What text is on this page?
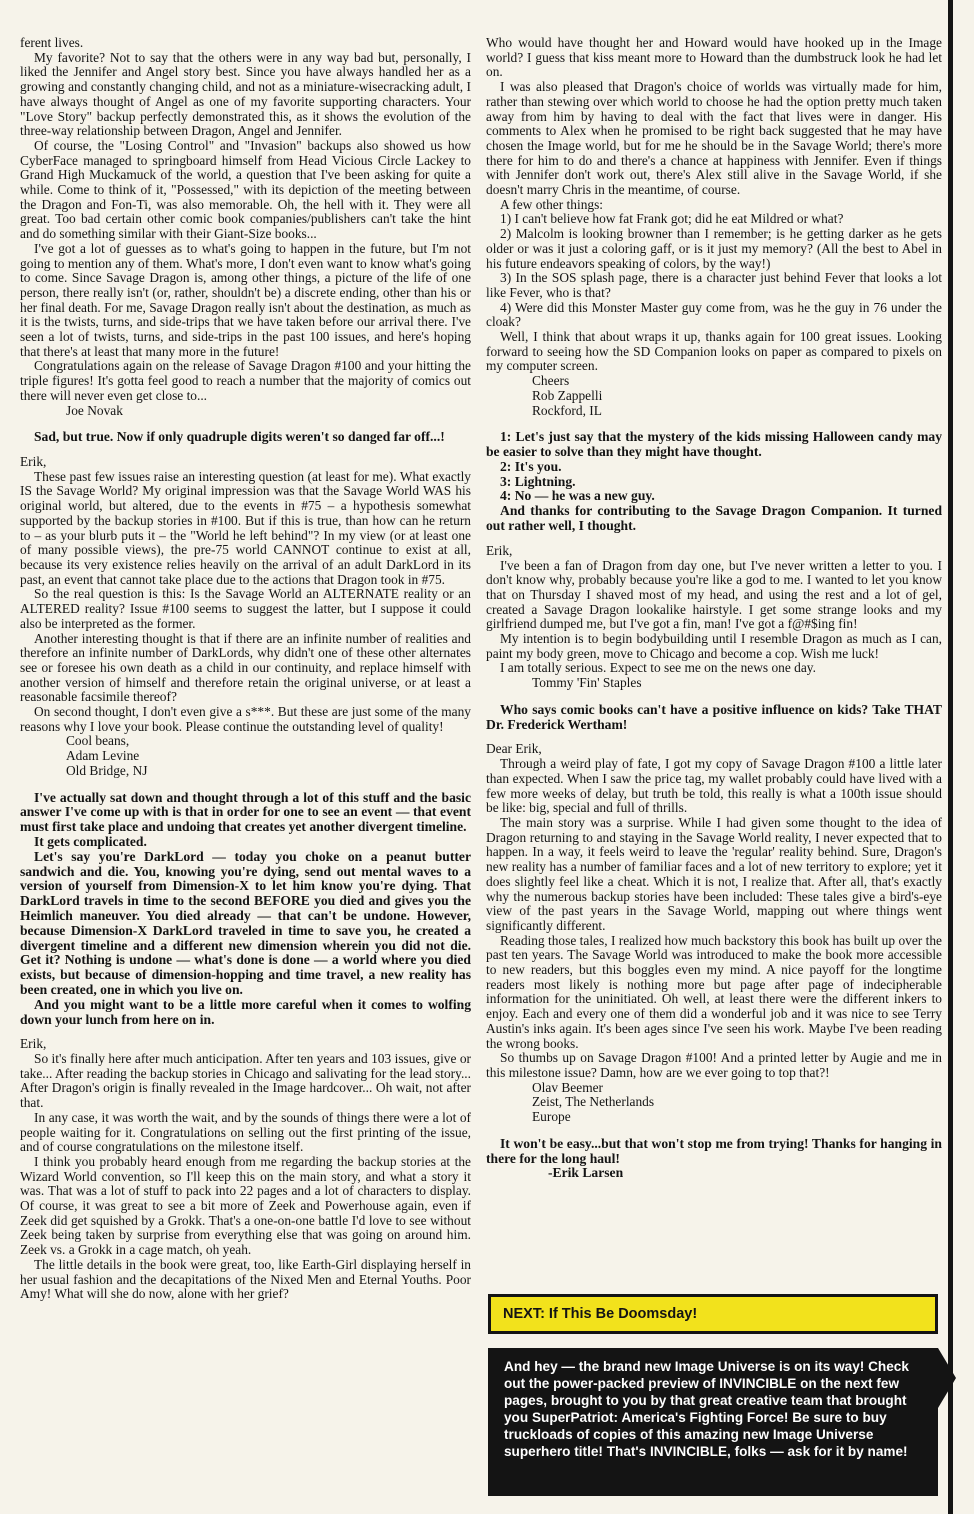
ferent lives.

My favorite? Not to say that the others were in any way bad but, personally, I liked the Jennifer and Angel story best. Since you have always handled her as a growing and constantly changing child, and not as a miniature-wisecracking adult, I have always thought of Angel as one of my favorite supporting characters. Your "Love Story" backup perfectly demonstrated this, as it shows the evolution of the three-way relationship between Dragon, Angel and Jennifer.

Of course, the "Losing Control" and "Invasion" backups also showed us how CyberFace managed to springboard himself from Head Vicious Circle Lackey to Grand High Muckamuck of the world, a question that I've been asking for quite a while. Come to think of it, "Possessed," with its depiction of the meeting between the Dragon and Fon-Ti, was also memorable. Oh, the hell with it. They were all great. Too bad certain other comic book companies/publishers can't take the hint and do something similar with their Giant-Size books...

I've got a lot of guesses as to what's going to happen in the future, but I'm not going to mention any of them. What's more, I don't even want to know what's going to come. Since Savage Dragon is, among other things, a picture of the life of one person, there really isn't (or, rather, shouldn't be) a discrete ending, other than his or her final death. For me, Savage Dragon really isn't about the destination, as much as it is the twists, turns, and side-trips that we have taken before our arrival there. I've seen a lot of twists, turns, and side-trips in the past 100 issues, and here's hoping that there's at least that many more in the future!

Congratulations again on the release of Savage Dragon #100 and your hitting the triple figures! It's gotta feel good to reach a number that the majority of comics out there will never even get close to...

Joe Novak

Sad, but true. Now if only quadruple digits weren't so danged far off...!

Erik,

These past few issues raise an interesting question (at least for me). What exactly IS the Savage World? My original impression was that the Savage World WAS his original world, but altered, due to the events in #75 – a hypothesis somewhat supported by the backup stories in #100. But if this is true, than how can he return to – as your blurb puts it – the "World he left behind"? In my view (or at least one of many possible views), the pre-75 world CANNOT continue to exist at all, because its very existence relies heavily on the arrival of an adult DarkLord in its past, an event that cannot take place due to the actions that Dragon took in #75.

So the real question is this: Is the Savage World an ALTERNATE reality or an ALTERED reality? Issue #100 seems to suggest the latter, but I suppose it could also be interpreted as the former.

Another interesting thought is that if there are an infinite number of realities and therefore an infinite number of DarkLords, why didn't one of these other alternates see or foresee his own death as a child in our continuity, and replace himself with another version of himself and therefore retain the original universe, or at least a reasonable facsimile thereof?

On second thought, I don't even give a s***. But these are just some of the many reasons why I love your book. Please continue the outstanding level of quality!

Cool beans,

Adam Levine

Old Bridge, NJ

I've actually sat down and thought through a lot of this stuff and the basic answer I've come up with is that in order for one to see an event — that event must first take place and undoing that creates yet another divergent timeline.

It gets complicated.

Let's say you're DarkLord — today you choke on a peanut butter sandwich and die. You, knowing you're dying, send out mental waves to a version of yourself from Dimension-X to let him know you're dying. That DarkLord travels in time to the second BEFORE you died and gives you the Heimlich maneuver. You died already — that can't be undone. However, because Dimension-X DarkLord traveled in time to save you, he created a divergent timeline and a different new dimension wherein you did not die. Get it? Nothing is undone — what's done is done — a world where you died exists, but because of dimension-hopping and time travel, a new reality has been created, one in which you live on.

And you might want to be a little more careful when it comes to wolfing down your lunch from here on in.

Erik,

So it's finally here after much anticipation. After ten years and 103 issues, give or take... After reading the backup stories in Chicago and salivating for the lead story... After Dragon's origin is finally revealed in the Image hardcover... Oh wait, not after that.

In any case, it was worth the wait, and by the sounds of things there were a lot of people waiting for it. Congratulations on selling out the first printing of the issue, and of course congratulations on the milestone itself.

I think you probably heard enough from me regarding the backup stories at the Wizard World convention, so I'll keep this on the main story, and what a story it was. That was a lot of stuff to pack into 22 pages and a lot of characters to display. Of course, it was great to see a bit more of Zeek and Powerhouse again, even if Zeek did get squished by a Grokk. That's a one-on-one battle I'd love to see without Zeek being taken by surprise from everything else that was going on around him. Zeek vs. a Grokk in a cage match, oh yeah.

The little details in the book were great, too, like Earth-Girl displaying herself in her usual fashion and the decapitations of the Nixed Men and Eternal Youths. Poor Amy! What will she do now, alone with her grief?

Who would have thought her and Howard would have hooked up in the Image world? I guess that kiss meant more to Howard than the dumbstruck look he had let on.

I was also pleased that Dragon's choice of worlds was virtually made for him, rather than stewing over which world to choose he had the option pretty much taken away from him by having to deal with the fact that lives were in danger. His comments to Alex when he promised to be right back suggested that he may have chosen the Image world, but for me he should be in the Savage World; there's more there for him to do and there's a chance at happiness with Jennifer. Even if things with Jennifer don't work out, there's Alex still alive in the Savage World, if she doesn't marry Chris in the meantime, of course.

A few other things:

1) I can't believe how fat Frank got; did he eat Mildred or what?

2) Malcolm is looking browner than I remember; is he getting darker as he gets older or was it just a coloring gaff, or is it just my memory? (All the best to Abel in his future endeavors speaking of colors, by the way!)

3) In the SOS splash page, there is a character just behind Fever that looks a lot like Fever, who is that?

4) Were did this Monster Master guy come from, was he the guy in 76 under the cloak?

Well, I think that about wraps it up, thanks again for 100 great issues. Looking forward to seeing how the SD Companion looks on paper as compared to pixels on my computer screen.

Cheers

Rob Zappelli

Rockford, IL

1: Let's just say that the mystery of the kids missing Halloween candy may be easier to solve than they might have thought.

2: It's you.

3: Lightning.

4: No — he was a new guy.

And thanks for contributing to the Savage Dragon Companion. It turned out rather well, I thought.

Erik,

I've been a fan of Dragon from day one, but I've never written a letter to you. I don't know why, probably because you're like a god to me. I wanted to let you know that on Thursday I shaved most of my head, and using the rest and a lot of gel, created a Savage Dragon lookalike hairstyle. I get some strange looks and my girlfriend dumped me, but I've got a fin, man! I've got a f@#$ing fin!

My intention is to begin bodybuilding until I resemble Dragon as much as I can, paint my body green, move to Chicago and become a cop. Wish me luck!

I am totally serious. Expect to see me on the news one day.

Tommy 'Fin' Staples

Who says comic books can't have a positive influence on kids? Take THAT Dr. Frederick Wertham!

Dear Erik,

Through a weird play of fate, I got my copy of Savage Dragon #100 a little later than expected. When I saw the price tag, my wallet probably could have lived with a few more weeks of delay, but truth be told, this really is what a 100th issue should be like: big, special and full of thrills.

The main story was a surprise. While I had given some thought to the idea of Dragon returning to and staying in the Savage World reality, I never expected that to happen. In a way, it feels weird to leave the 'regular' reality behind. Sure, Dragon's new reality has a number of familiar faces and a lot of new territory to explore; yet it does slightly feel like a cheat. Which it is not, I realize that. After all, that's exactly why the numerous backup stories have been included: These tales give a bird's-eye view of the past years in the Savage World, mapping out where things went significantly different.

Reading those tales, I realized how much backstory this book has built up over the past ten years. The Savage World was introduced to make the book more accessible to new readers, but this boggles even my mind. A nice payoff for the longtime readers most likely is nothing more but page after page of indecipherable information for the uninitiated. Oh well, at least there were the different inkers to enjoy. Each and every one of them did a wonderful job and it was nice to see Terry Austin's inks again. It's been ages since I've seen his work. Maybe I've been reading the wrong books.

So thumbs up on Savage Dragon #100! And a printed letter by Augie and me in this milestone issue? Damn, how are we ever going to top that?!

Olav Beemer

Zeist, The Netherlands

Europe

It won't be easy...but that won't stop me from trying! Thanks for hanging in there for the long haul!

-Erik Larsen

NEXT: If This Be Doomsday!
And hey — the brand new Image Universe is on its way! Check out the power-packed preview of INVINCIBLE on the next few pages, brought to you by that great creative team that brought you SuperPatriot: America's Fighting Force! Be sure to buy truckloads of copies of this amazing new Image Universe superhero title! That's INVINCIBLE, folks — ask for it by name!
